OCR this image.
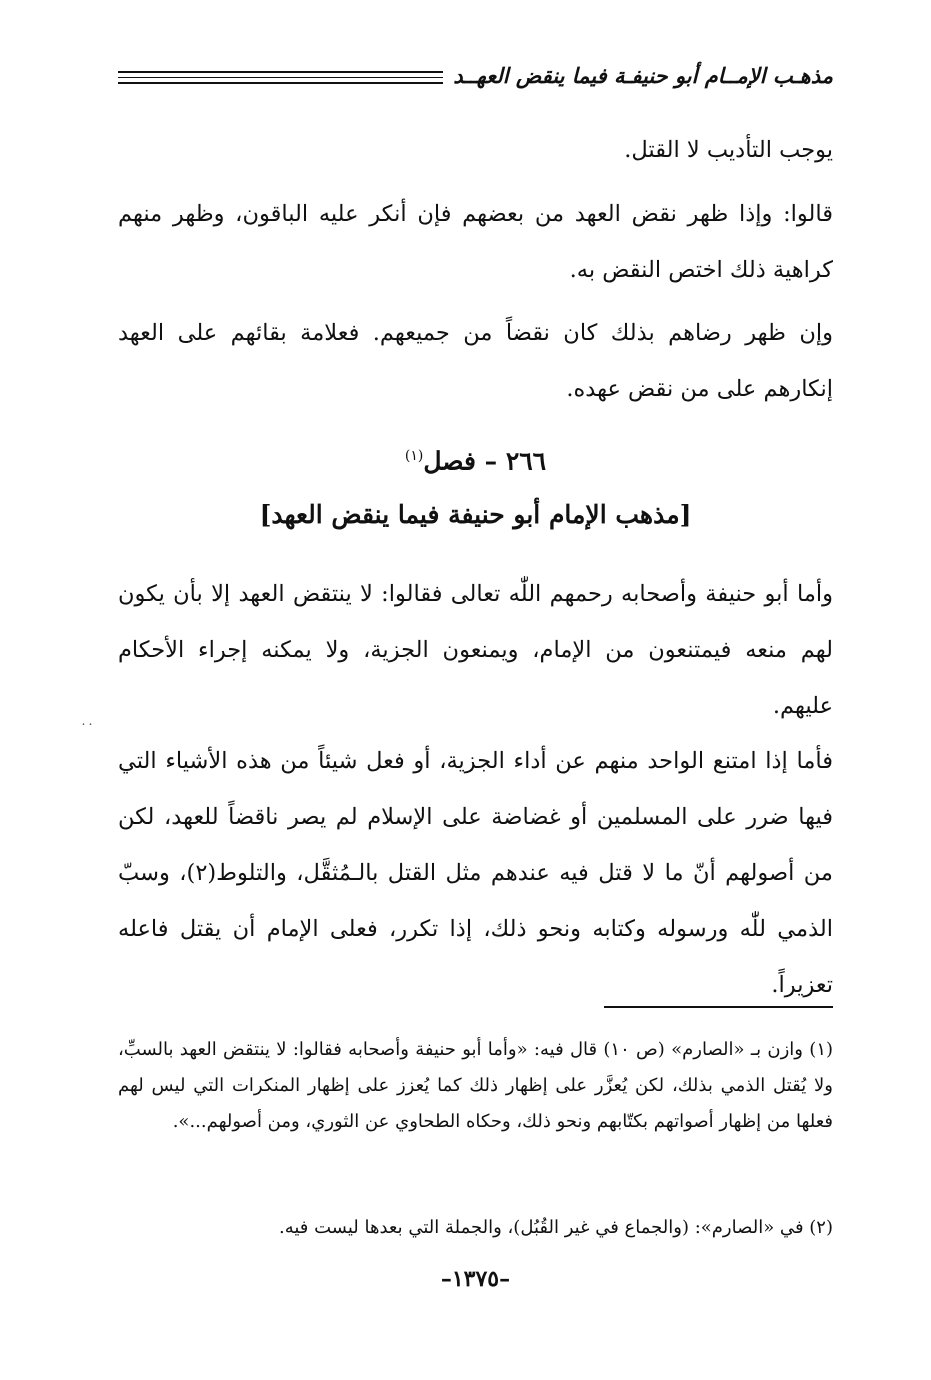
مذهـب الإمــام أبو حنيفـة فيما ينقض العهــد
يوجب التأديب لا القتل.
قالوا: وإذا ظهر نقض العهد من بعضهم فإن أنكر عليه الباقون، وظهر منهم كراهية ذلك اختص النقض به.
وإن ظهر رضاهم بذلك كان نقضاً من جميعهم. فعلامة بقائهم على العهد إنكارهم على من نقض عهده.
٢٦٦ – فصل$^{(١)}$
[مذهب الإمام أبو حنيفة فيما ينقض العهد]
وأما أبو حنيفة وأصحابه رحمهم اللّٰه تعالى فقالوا: لا ينتقض العهد إلا بأن يكون لهم منعه فيمتنعون من الإمام، ويمنعون الجزية، ولا يمكنه إجراء الأحكام عليهم.
فأما إذا امتنع الواحد منهم عن أداء الجزية، أو فعل شيئاً من هذه الأشياء التي فيها ضرر على المسلمين أو غضاضة على الإسلام لم يصر ناقضاً للعهد، لكن من أصولهم أنّ ما لا قتل فيه عندهم مثل القتل بالـمُثقَّل، والتلوط(٢)، وسبّ الذمي للّٰه ورسوله وكتابه ونحو ذلك، إذا تكرر، فعلى الإمام أن يقتل فاعله تعزيراً.
˙˙
(١) وازن بـ «الصارم» (ص ١٠) قال فيه: «وأما أبو حنيفة وأصحابه فقالوا: لا ينتقض العهد بالسبِّ، ولا يُقتل الذمي بذلك، لكن يُعزَّر على إظهار ذلك كما يُعزز على إظهار المنكرات التي ليس لهم فعلها من إظهار أصواتهم بكتّابهم ونحو ذلك، وحكاه الطحاوي عن الثوري، ومن أصولهم...».
(٢) في «الصارم»: (والجماع في غير القُبُل)، والجملة التي بعدها ليست فيه.
–١٣٧٥–
